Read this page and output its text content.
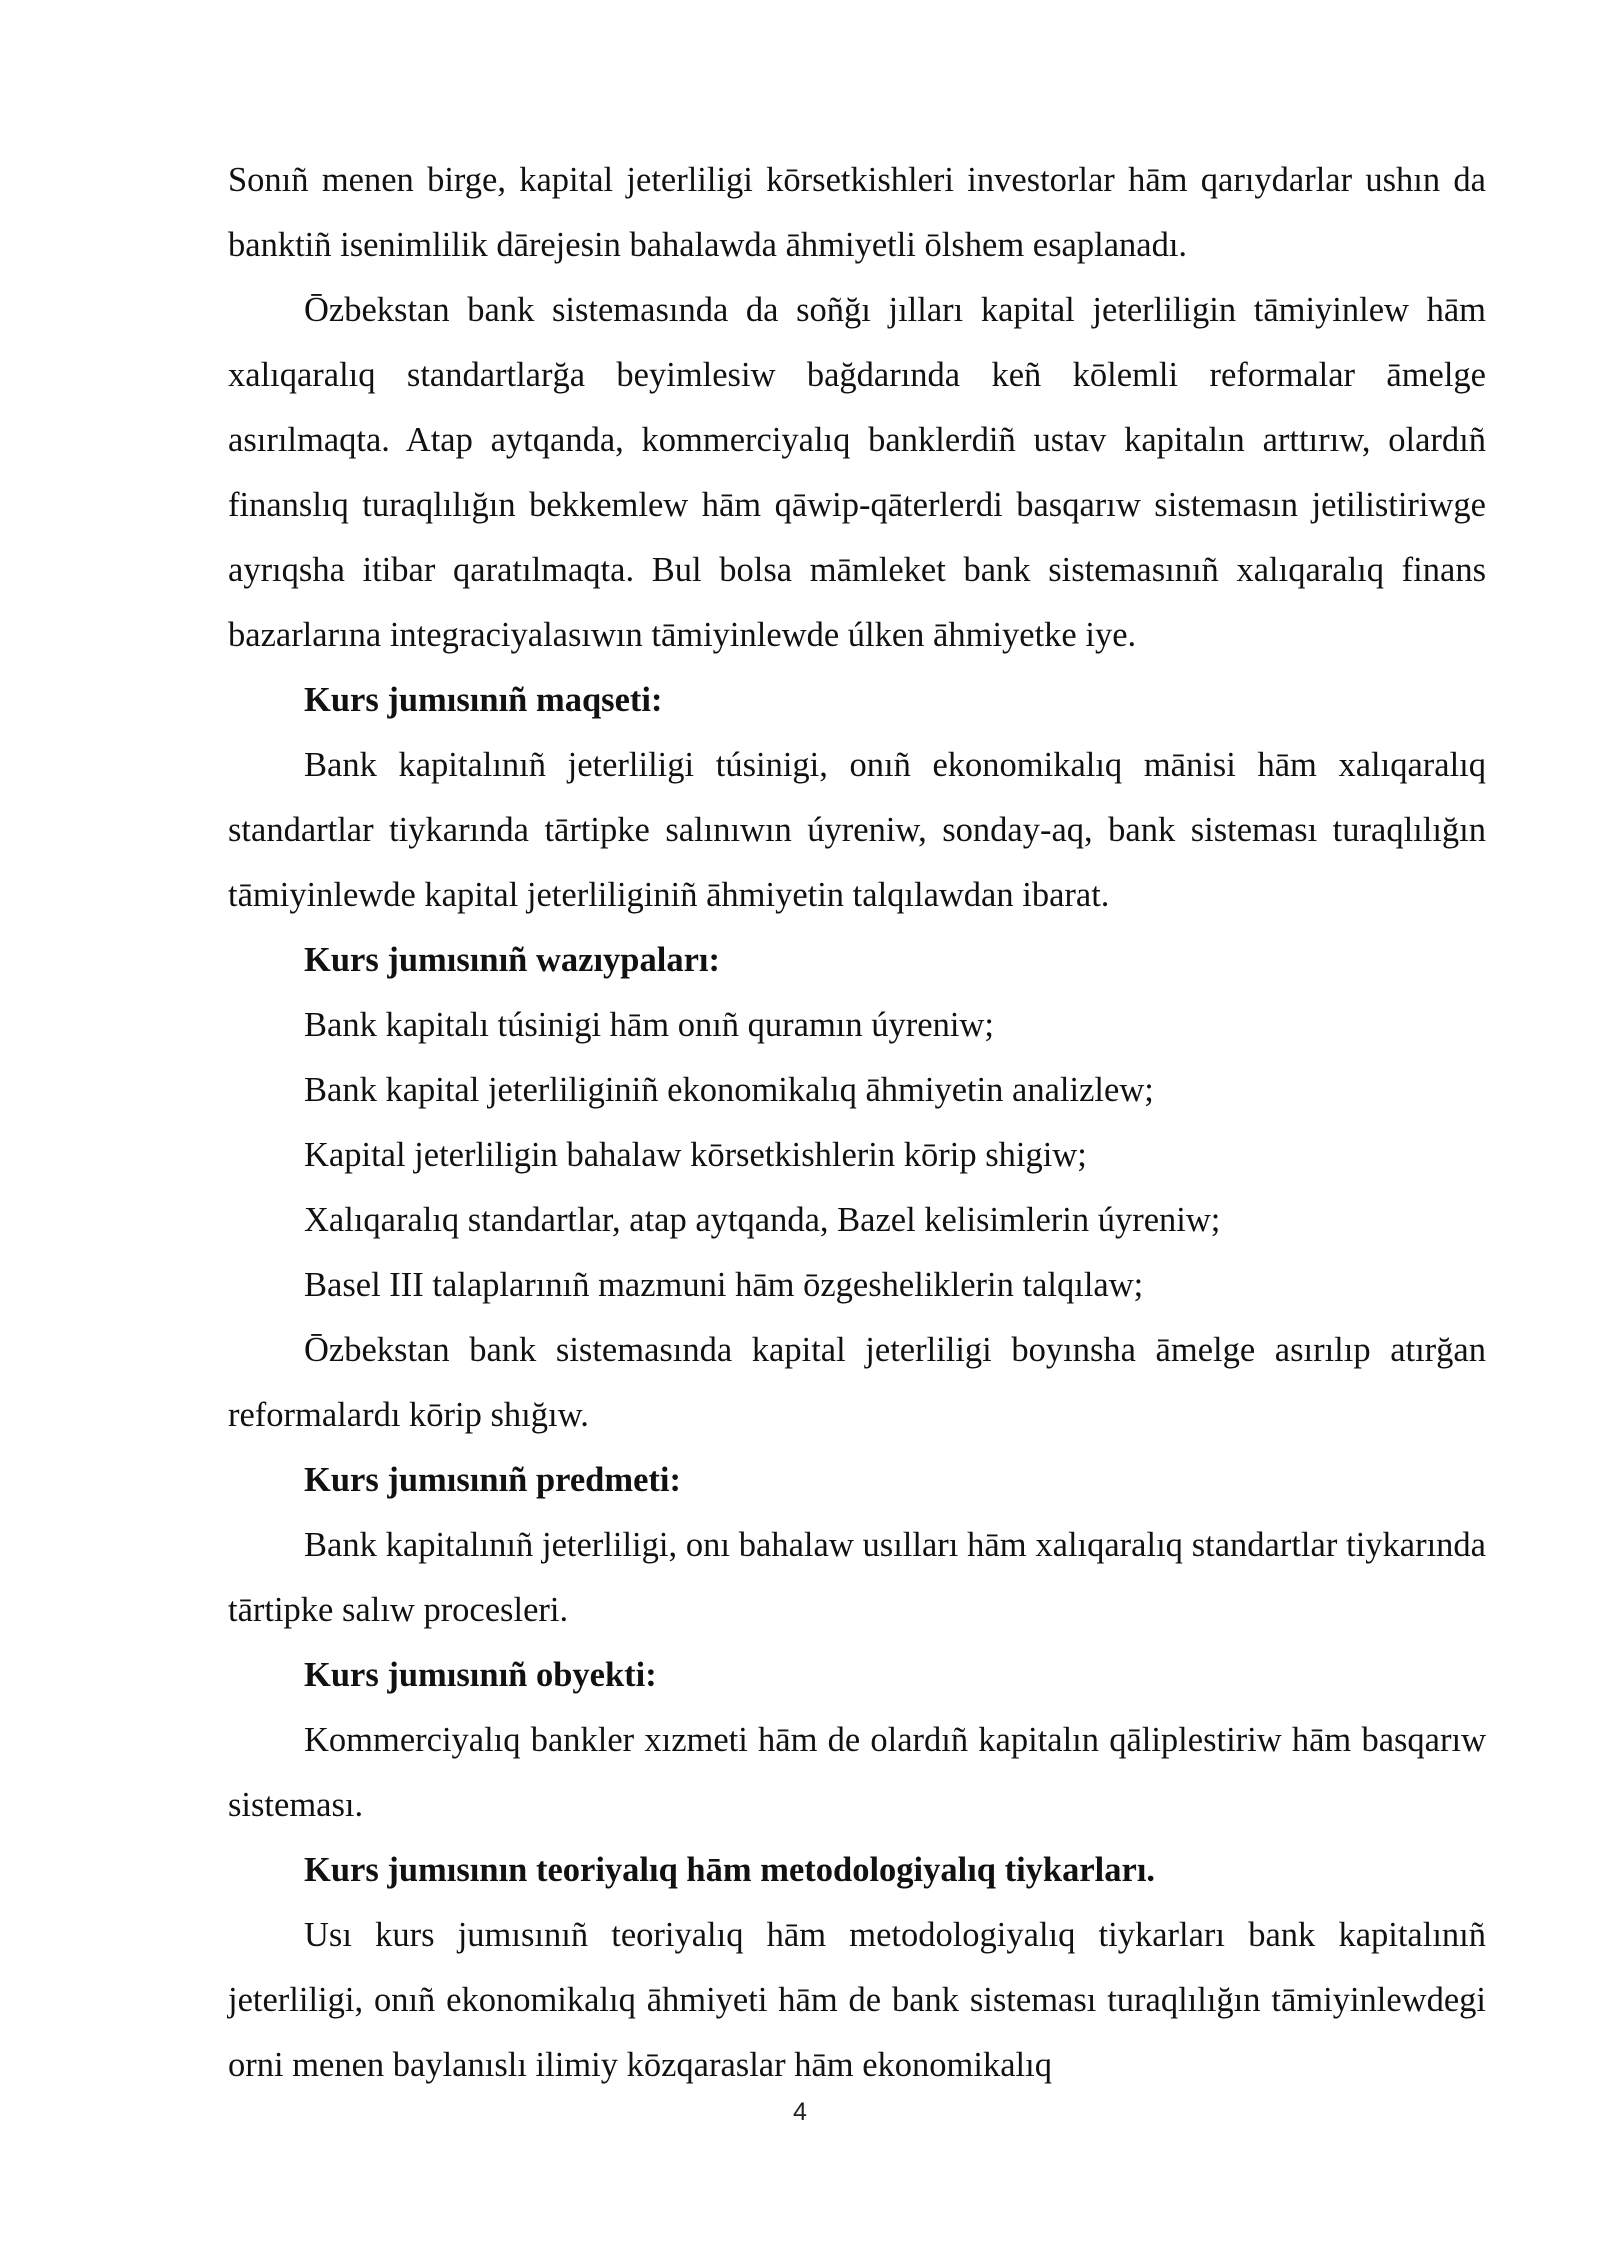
Sonıñ menen birge, kapital jeterliligi kōrsetkishleri investorlar hām qarıydarlar ushın da banktiñ isenimlilik dārejesin bahalawda āhmiyetli ōlshem esaplanadı.

Ōzbekstan bank sistemasında da soñğı jılları kapital jeterliligin tāmiyinlew hām xalıqaralıq standartlarğa beyimlesiw bağdarında keñ kōlemli reformalar āmelge asırılmaqta. Atap aytqanda, kommerciyalıq banklerdiñ ustav kapitalın arttırıw, olardıñ finanslıq turaqlılığın bekkemlew hām qāwip-qāterlerdi basqarıw sistemasın jetilistiriwge ayrıqsha itibar qaratılmaqta. Bul bolsa māmleket bank sistemasınıñ xalıqaralıq finans bazarlarına integraciyalasıwın tāmiyinlewde úlken āhmiyetke iye.

Kurs jumısınıñ maqseti:

Bank kapitalınıñ jeterliligi túsinigi, onıñ ekonomikalıq mānisi hām xalıqaralıq standartlar tiykarında tārtipke salınıwın úyreniw, sonday-aq, bank sisteması turaqlılığın tāmiyinlewde kapital jeterliliginiñ āhmiyetin talqılawdan ibarat.

Kurs jumısınıñ wazıypaları:

Bank kapitalı túsinigi hām onıñ quramın úyreniw;

Bank kapital jeterliliginiñ ekonomikalıq āhmiyetin analizlew;

Kapital jeterliligin bahalaw kōrsetkishlerin kōrip shigiw;

Xalıqaralıq standartlar, atap aytqanda, Bazel kelisimlerin úyreniw;

Basel III talaplarınıñ mazmuni hām ōzgesheliklerin talqılaw;

Ōzbekstan bank sistemasında kapital jeterliligi boyınsha āmelge asırılıp atırğan reformalardı kōrip shığıw.

Kurs jumısınıñ predmeti:

Bank kapitalınıñ jeterliligi, onı bahalaw usılları hām xalıqaralıq standartlar tiykarında tārtipke salıw procesleri.

Kurs jumısınıñ obyekti:

Kommerciyalıq bankler xızmeti hām de olardıñ kapitalın qāliplestiriw hām basqarıw sisteması.

Kurs jumısının teoriyalıq hām metodologiyalıq tiykarları.

Usı kurs jumısınıñ teoriyalıq hām metodologiyalıq tiykarları bank kapitalınıñ jeterliligi, onıñ ekonomikalıq āhmiyeti hām de bank sisteması turaqlılığın tāmiyinlewdegi orni menen baylanıslı ilimiy kōzqaraslar hām ekonomikalıq

4
